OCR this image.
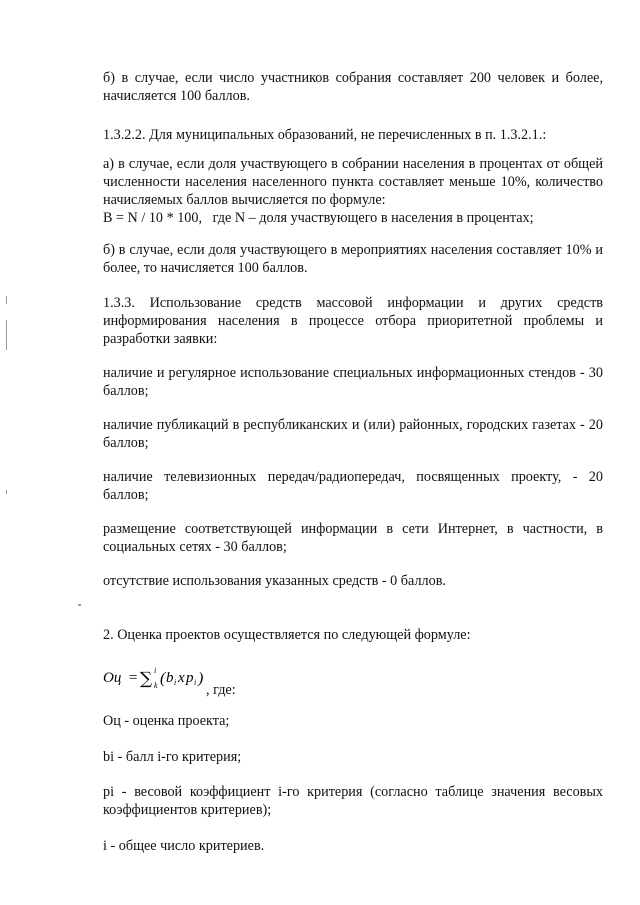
б) в случае, если число участников собрания составляет 200 человек и более, начисляется 100 баллов.

1.3.2.2. Для муниципальных образований, не перечисленных в п. 1.3.2.1.:

а) в случае, если доля участвующего в собрании населения в процентах от общей численности населения населенного пункта составляет меньше 10%, количество начисляемых баллов вычисляется по формуле:

B = N / 10 * 100,   где N – доля участвующего в населения в процентах;

б) в случае, если доля участвующего в мероприятиях населения составляет 10% и более, то начисляется 100 баллов.

1.3.3. Использование средств массовой информации и других средств информирования населения в процессе отбора приоритетной проблемы и разработки заявки:

наличие и регулярное использование специальных информационных стендов - 30 баллов;

наличие публикаций в республиканских и (или) районных, городских газетах - 20 баллов;

наличие телевизионных передач/радиопередач, посвященных проекту, - 20 баллов;

размещение соответствующей информации в сети Интернет, в частности, в социальных сетях - 30 баллов;

отсутствие использования указанных средств - 0 баллов.

2. Оценка проектов осуществляется по следующей формуле:

Оц = ∑ i
k ( b i x p i )
, где:

Оц - оценка проекта;

bi - балл i-го критерия;

pi - весовой коэффициент i-го критерия (согласно таблице значения весовых коэффициентов критериев);

i - общее число критериев.
